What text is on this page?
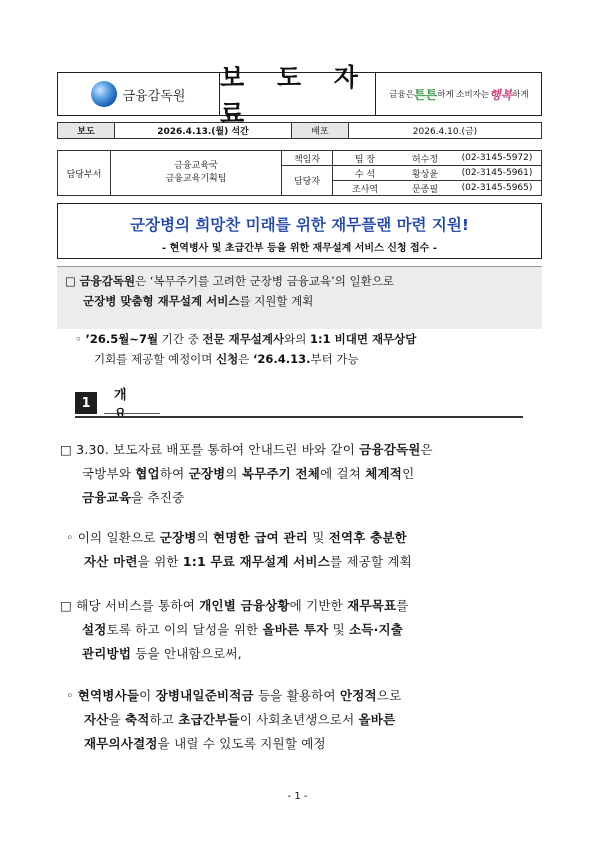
금융감독원
보 도 자 료
금융은 튼튼 하게 소비자는 행복 하게
보도	2026.4.13.(월) 석간	배포	2026.4.10.(금)
담당부서	금융교육국
금융교육기획팀	책임자	팀 장	허수정	(02-3145-5972)
		담당자	수 석	황상윤	(02-3145-5961)
			조사역	문종필	(02-3145-5965)
군장병의 희망찬 미래를 위한 재무플랜 마련 지원!
- 현역병사 및 초급간부 등을 위한 재무설계 서비스 신청 접수 -
□ 금융감독원은 ‘복무주기를 고려한 군장병 금융교육’의 일환으로
군장병 맞춤형 재무설계 서비스를 지원할 계획
◦ ’26.5월~7월 기간 중 전문 재무설계사와의 1:1 비대면 재무상담
기회를 제공할 예정이며 신청은 ‘26.4.13.부터 가능
1
개 요
□ 3.30. 보도자료 배포를 통하여 안내드린 바와 같이 금융감독원은
국방부와 협업하여 군장병의 복무주기 전체에 걸쳐 체계적인
금융교육을 추진중
◦ 이의 일환으로 군장병의 현명한 급여 관리 및 전역후 충분한
자산 마련을 위한 1:1 무료 재무설계 서비스를 제공할 계획
□ 해당 서비스를 통하여 개인별 금융상황에 기반한 재무목표를
설정토록 하고 이의 달성을 위한 올바른 투자 및 소득·지출
관리방법 등을 안내함으로써,
◦ 현역병사들이 장병내일준비적금 등을 활용하여 안정적으로
자산을 축적하고 초급간부들이 사회초년생으로서 올바른
재무의사결정을 내릴 수 있도록 지원할 예정
- 1 -
